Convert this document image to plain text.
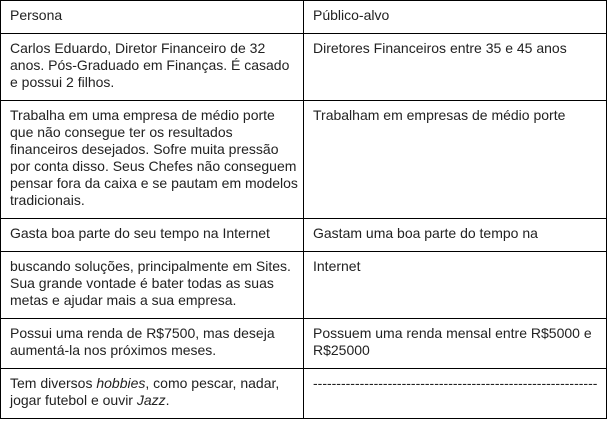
Persona	Público-alvo
Carlos Eduardo, Diretor Financeiro de 32 anos. Pós-Graduado em Finanças. É casado e possui 2 filhos.	Diretores Financeiros entre 35 e 45 anos
Trabalha em uma empresa de médio porte que não consegue ter os resultados financeiros desejados. Sofre muita pressão por conta disso. Seus Chefes não conseguem pensar fora da caixa e se pautam em modelos tradicionais.	Trabalham em empresas de médio porte
Gasta boa parte do seu tempo na Internet	Gastam uma boa parte do tempo na
buscando soluções, principalmente em Sites. Sua grande vontade é bater todas as suas metas e ajudar mais a sua empresa.	Internet
Possui uma renda de R$7500, mas deseja aumentá-la nos próximos meses.	Possuem uma renda mensal entre R$5000 e R$25000
Tem diversos hobbies, como pescar, nadar, jogar futebol e ouvir Jazz.	-------------------------------------------------------------
